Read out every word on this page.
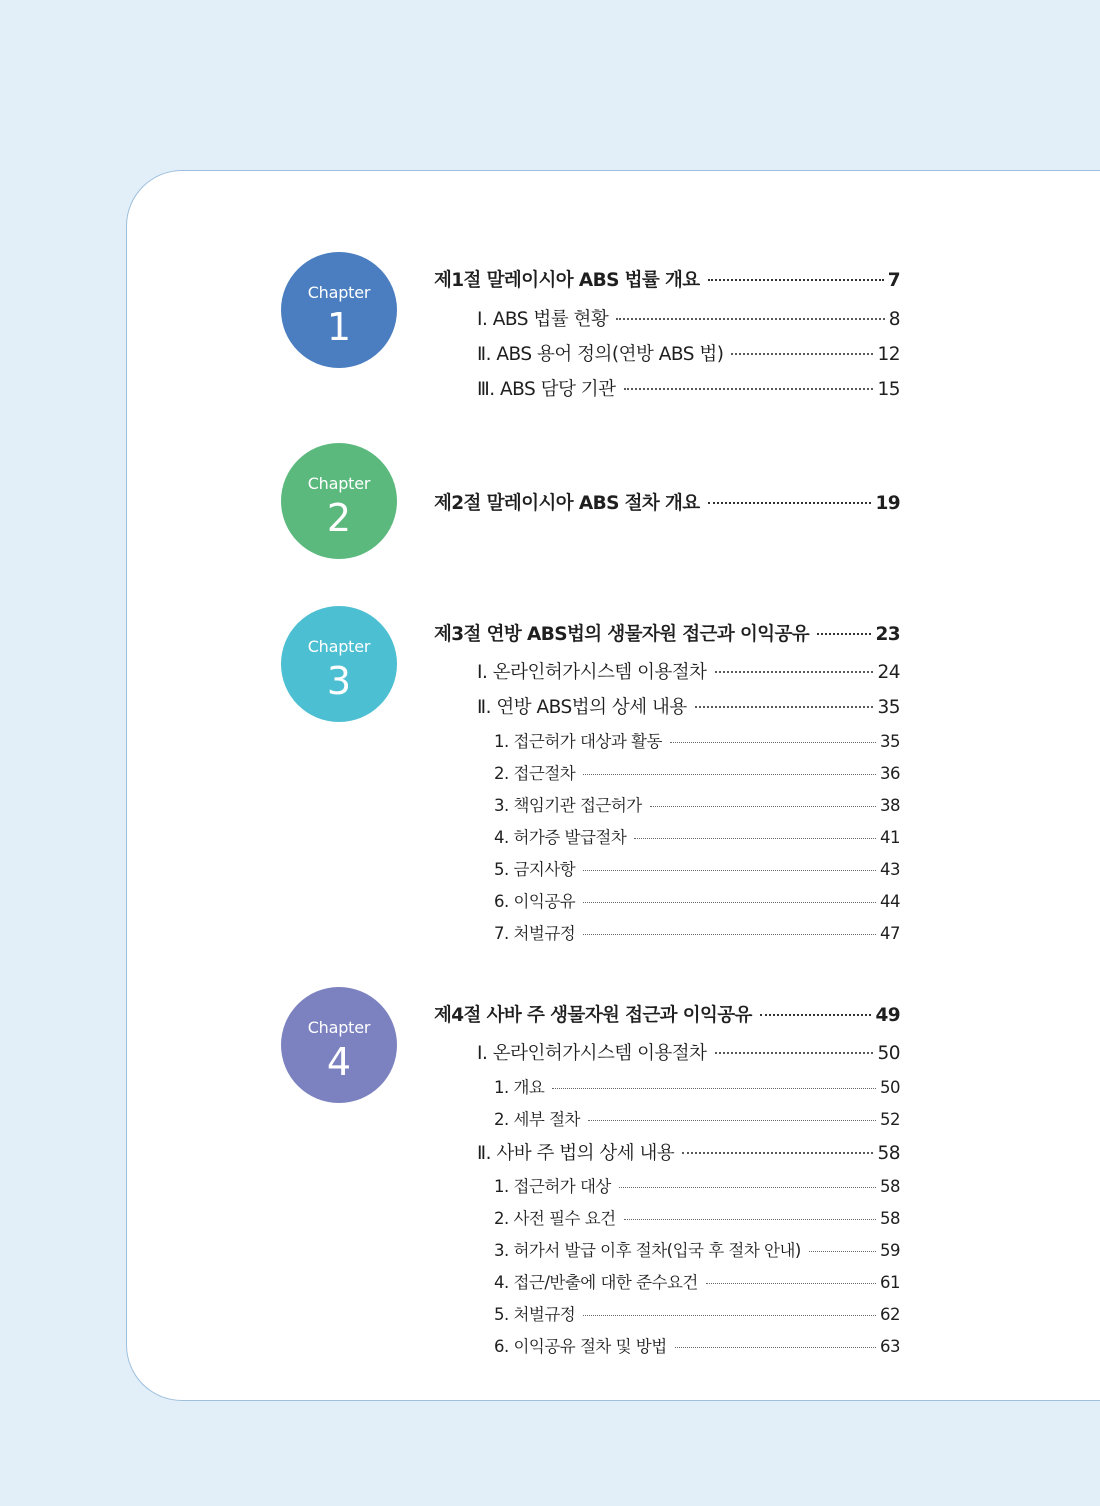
Chapter
1
Chapter
2
Chapter
3
Chapter
4
제1절 말레이시아 ABS 법률 개요	7
Ⅰ. ABS 법률 현황	8
Ⅱ. ABS 용어 정의(연방 ABS 법)	12
Ⅲ. ABS 담당 기관	15
제2절 말레이시아 ABS 절차 개요	19
제3절 연방 ABS법의 생물자원 접근과 이익공유	23
Ⅰ. 온라인허가시스템 이용절차	24
Ⅱ. 연방 ABS법의 상세 내용	35
1. 접근허가 대상과 활동	35
2. 접근절차	36
3. 책임기관 접근허가	38
4. 허가증 발급절차	41
5. 금지사항	43
6. 이익공유	44
7. 처벌규정	47
제4절 사바 주 생물자원 접근과 이익공유	49
Ⅰ. 온라인허가시스템 이용절차	50
1. 개요	50
2. 세부 절차	52
Ⅱ. 사바 주 법의 상세 내용	58
1. 접근허가 대상	58
2. 사전 필수 요건	58
3. 허가서 발급 이후 절차(입국 후 절차 안내)	59
4. 접근/반출에 대한 준수요건	61
5. 처벌규정	62
6. 이익공유 절차 및 방법	63
